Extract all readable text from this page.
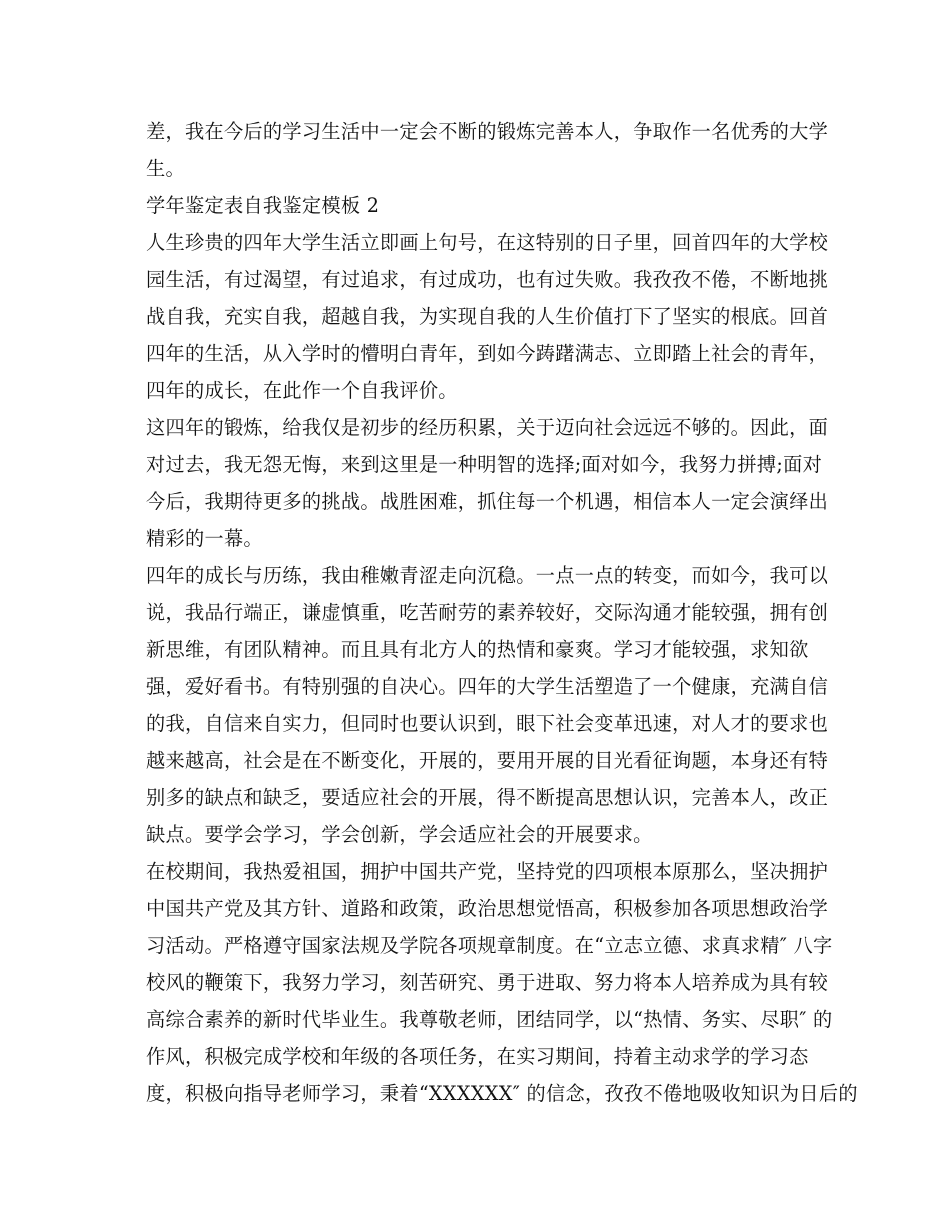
差，我在今后的学习生活中一定会不断的锻炼完善本人，争取作一名优秀的大学
生。
学年鉴定表自我鉴定模板 2
人生珍贵的四年大学生活立即画上句号，在这特别的日子里，回首四年的大学校
园生活，有过渴望，有过追求，有过成功，也有过失败。我孜孜不倦，不断地挑
战自我，充实自我，超越自我，为实现自我的人生价值打下了坚实的根底。回首
四年的生活，从入学时的懵明白青年，到如今踌躇满志、立即踏上社会的青年，
四年的成长，在此作一个自我评价。
这四年的锻炼，给我仅是初步的经历积累，关于迈向社会远远不够的。因此，面
对过去，我无怨无悔，来到这里是一种明智的选择;面对如今，我努力拼搏;面对
今后，我期待更多的挑战。战胜困难，抓住每一个机遇，相信本人一定会演绎出
精彩的一幕。
四年的成长与历练，我由稚嫩青涩走向沉稳。一点一点的转变，而如今，我可以
说，我品行端正，谦虚慎重，吃苦耐劳的素养较好，交际沟通才能较强，拥有创
新思维，有团队精神。而且具有北方人的热情和豪爽。学习才能较强，求知欲
强，爱好看书。有特别强的自决心。四年的大学生活塑造了一个健康，充满自信
的我，自信来自实力，但同时也要认识到，眼下社会变革迅速，对人才的要求也
越来越高，社会是在不断变化，开展的，要用开展的目光看征询题，本身还有特
别多的缺点和缺乏，要适应社会的开展，得不断提高思想认识，完善本人，改正
缺点。要学会学习，学会创新，学会适应社会的开展要求。
在校期间，我热爱祖国，拥护中国共产党，坚持党的四项根本原那么，坚决拥护
中国共产党及其方针、道路和政策，政治思想觉悟高，积极参加各项思想政治学
习活动。严格遵守国家法规及学院各项规章制度。在“立志立德、求真求精″ 八字
校风的鞭策下，我努力学习，刻苦研究、勇于进取、努力将本人培养成为具有较
高综合素养的新时代毕业生。我尊敬老师，团结同学，以“热情、务实、尽职″ 的
作风，积极完成学校和年级的各项任务，在实习期间，持着主动求学的学习态
度，积极向指导老师学习，秉着“XXXXXX″ 的信念，孜孜不倦地吸收知识为日后的
